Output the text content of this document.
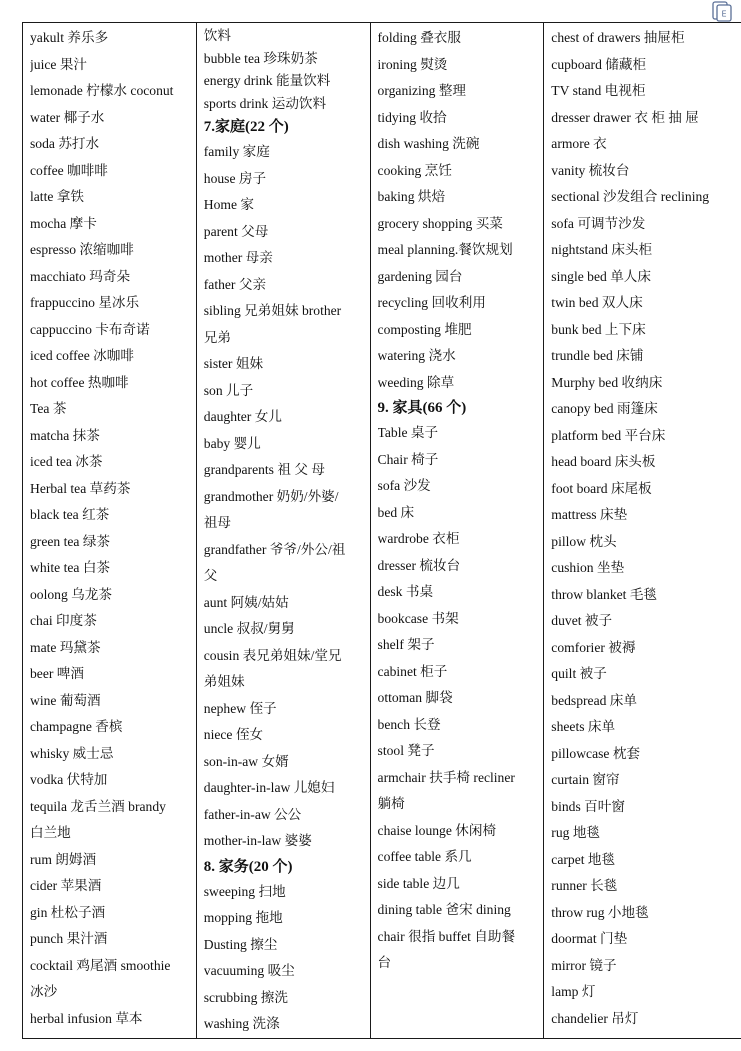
yakult 养乐多
juice 果汁
lemonade 柠檬水 coconut
water 椰子水
soda 苏打水
coffee 咖啡啡
latte 拿铁
mocha 摩卡
espresso 浓缩咖啡
macchiato 玛奇朵
frappuccino 星冰乐
cappuccino 卡布奇诺
iced coffee 冰咖啡
hot coffee 热咖啡
Tea 茶
matcha 抹茶
iced tea 冰茶
Herbal tea 草药茶
black tea 红茶
green tea 绿茶
white tea 白茶
oolong 乌龙茶
chai 印度茶
mate 玛黛茶
beer 啤酒
wine 葡萄酒
champagne 香槟
whisky 威士忌
vodka 伏特加
tequila 龙舌兰酒 brandy
白兰地
rum 朗姆酒
cider 苹果酒
gin 杜松子酒
punch 果汁酒
cocktail 鸡尾酒 smoothie
冰沙
herbal infusion 草本
饮料
bubble tea 珍珠奶茶
energy drink 能量饮料
sports drink 运动饮料
7.家庭(22 个)
family 家庭
house 房子
Home 家
parent 父母
mother 母亲
father 父亲
sibling 兄弟姐妹 brother
兄弟
sister 姐妹
son 儿子
daughter 女儿
baby 婴儿
grandparents 祖 父 母
grandmother 奶奶/外婆/
祖母
grandfather 爷爷/外公/祖
父
aunt 阿姨/姑姑
uncle 叔叔/舅舅
cousin 表兄弟姐妹/堂兄
弟姐妹
nephew 侄子
niece 侄女
son-in-aw 女婿
daughter-in-law 儿媳妇
father-in-aw 公公
mother-in-law 婆婆
8. 家务(20 个)
sweeping 扫地
mopping 拖地
Dusting 擦尘
vacuuming 吸尘
scrubbing 擦洗
washing 洗涤
folding 叠衣服
ironing 熨烫
organizing 整理
tidying 收拾
dish washing 洗碗
cooking 烹饪
baking 烘焙
grocery shopping 买菜
meal planning.餐饮规划
gardening 园台
recycling 回收利用
composting 堆肥
watering 浇水
weeding 除草
9. 家具(66 个)
Table 桌子
Chair 椅子
sofa 沙发
bed 床
wardrobe 衣柜
dresser 梳妆台
desk 书桌
bookcase 书架
shelf 架子
cabinet 柜子
ottoman 脚袋
bench 长登
stool 凳子
armchair 扶手椅 recliner
躺椅
chaise lounge 休闲椅
coffee table 系几
side table 边几
dining table 爸宋 dining
chair 很指 buffet 自助餐
台
chest of drawers 抽屉柜
cupboard 储藏柜
TV stand 电视柜
dresser drawer 衣 柜 抽 屉
armore 衣
vanity 梳妆台
sectional 沙发组合 reclining
sofa 可调节沙发
nightstand 床头柜
single bed 单人床
twin bed 双人床
bunk bed 上下床
trundle bed 床铺
Murphy bed 收纳床
canopy bed 雨篷床
platform bed 平台床
head board 床头板
foot board 床尾板
mattress 床垫
pillow 枕头
cushion 坐垫
throw blanket 毛毯
duvet 被子
comforier 被褥
quilt 被子
bedspread 床单
sheets 床单
pillowcase 枕套
curtain 窗帘
binds 百叶窗
rug 地毯
carpet 地毯
runner 长毯
throw rug 小地毯
doormat 门垫
mirror 镜子
lamp 灯
chandelier 吊灯
E
